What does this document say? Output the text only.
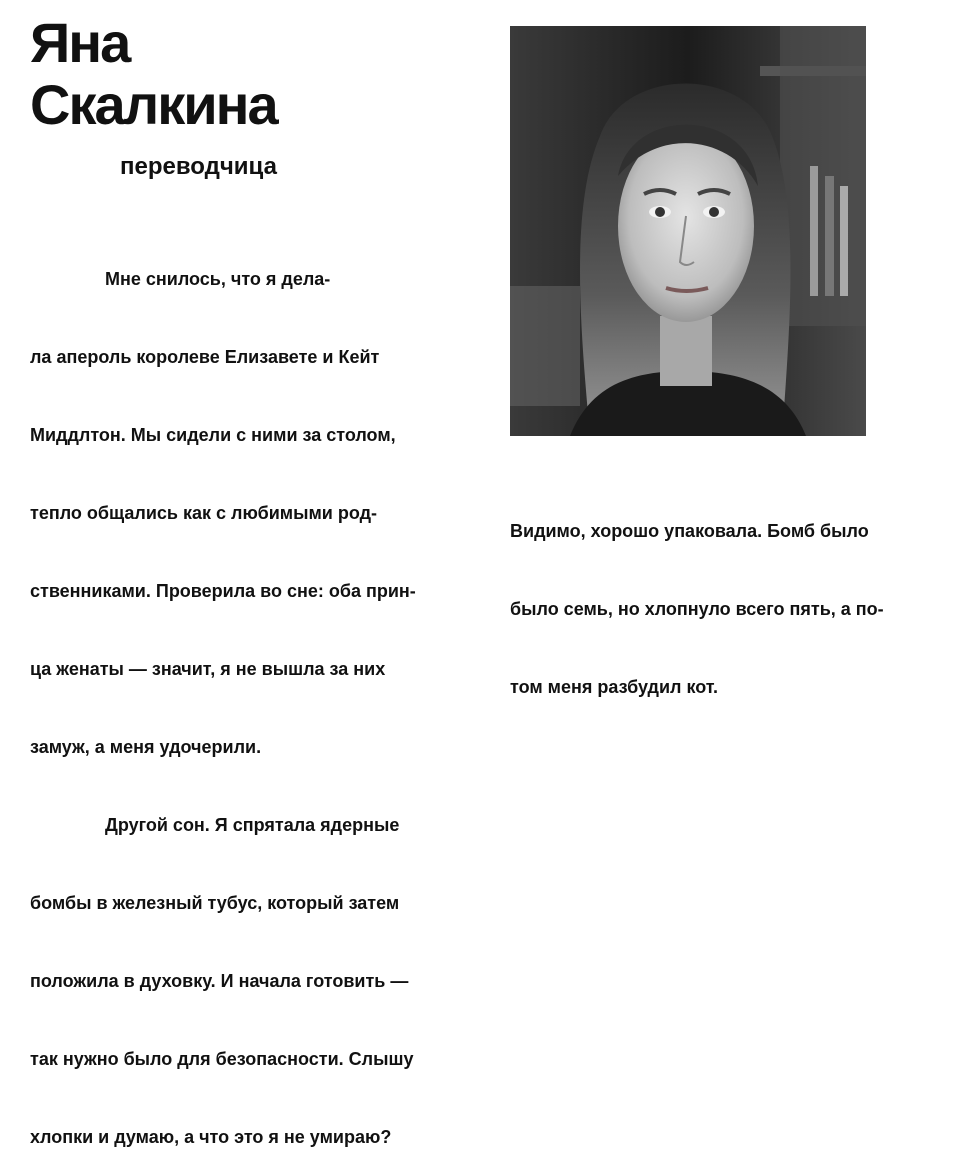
Яна
Скалкина
переводчица

Мне снилось, что я дела-

ла апероль королеве Елизавете и Кейт

Миддлтон. Мы сидели с ними за столом,

тепло общались как с любимыми род-

ственниками. Проверила во сне: оба прин-

ца женаты — значит, я не вышла за них

замуж, а меня удочерили.

Другой сон. Я спрятала ядерные

бомбы в железный тубус, который затем

положила в духовку. И начала готовить —

так нужно было для безопасности. Слышу

хлопки и думаю, а что это я не умираю?

Видимо, хорошо упаковала. Бомб было

было семь, но хлопнуло всего пять, а по-

том меня разбудил кот.
